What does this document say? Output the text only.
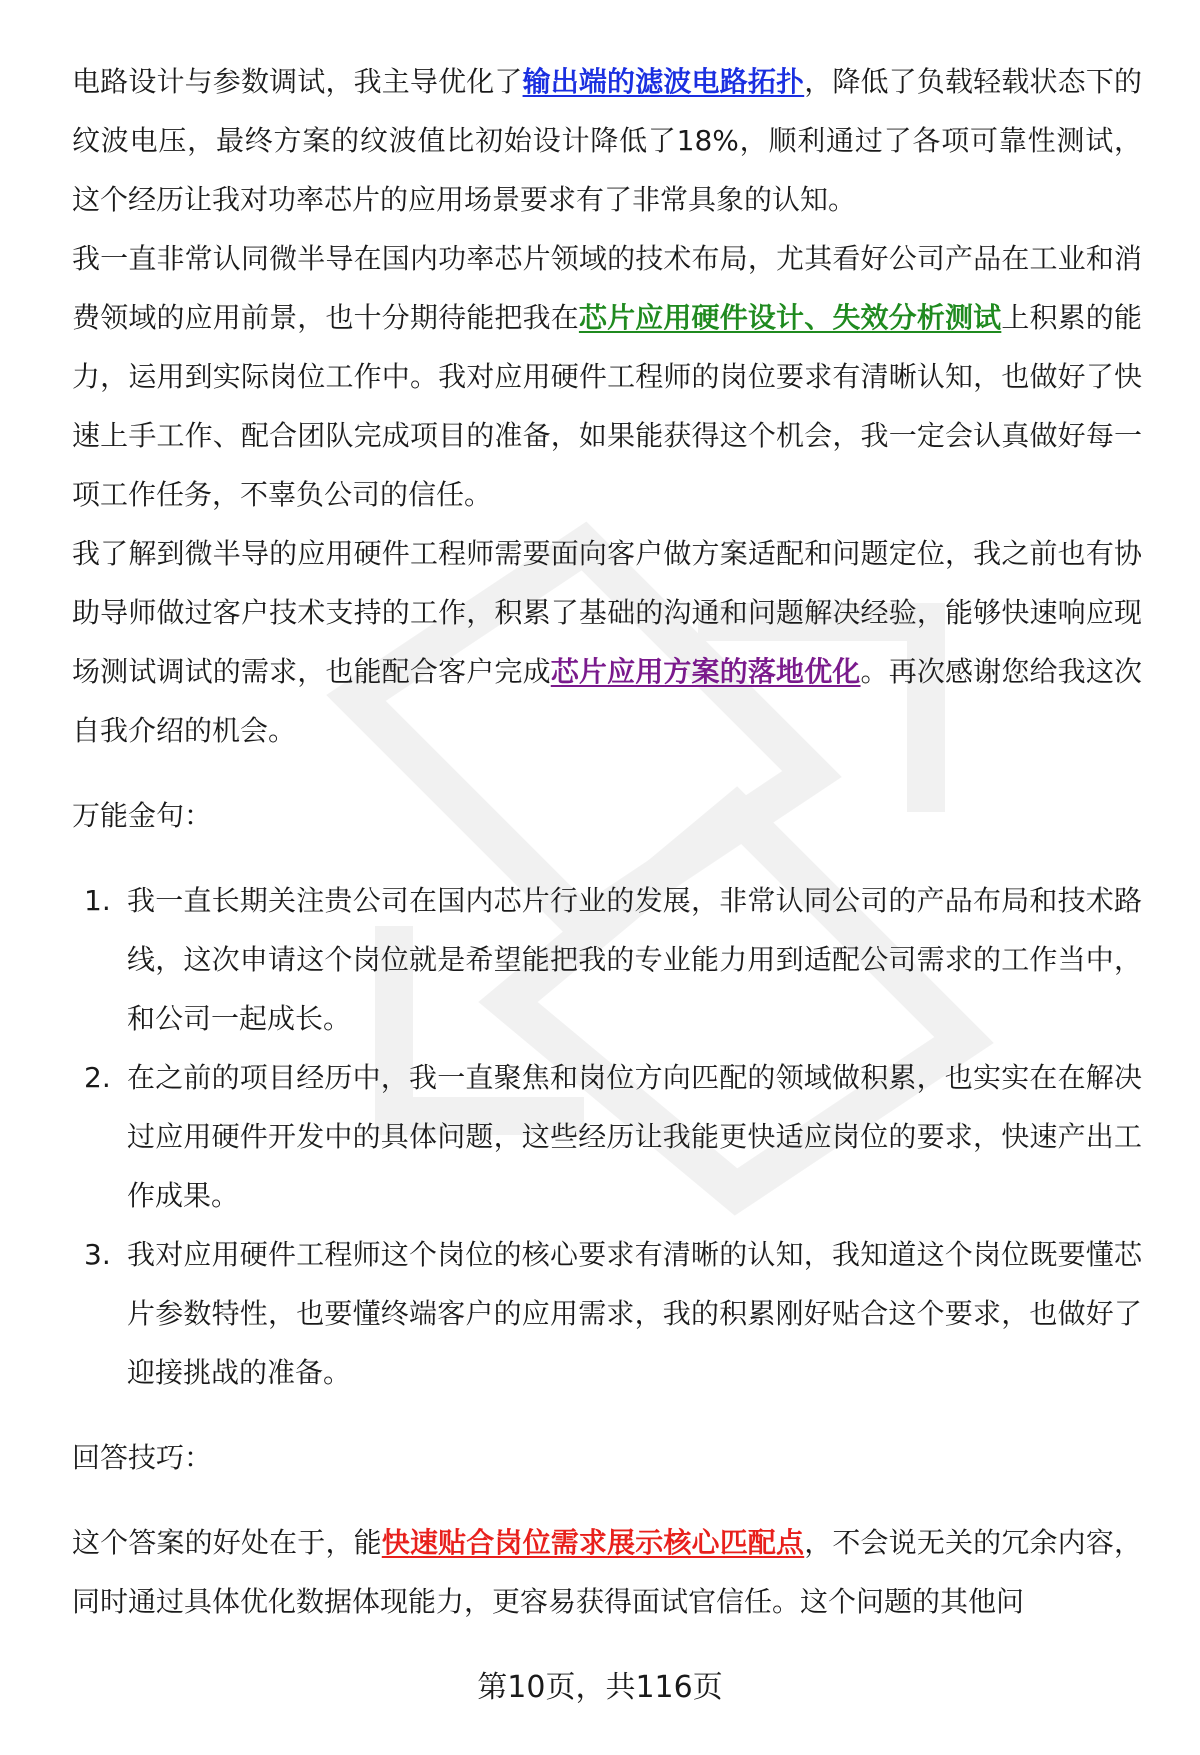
电路设计与参数调试，我主导优化了输出端的滤波电路拓扑，降低了负载轻载状态下的纹波电压，最终方案的纹波值比初始设计降低了18%，顺利通过了各项可靠性测试，这个经历让我对功率芯片的应用场景要求有了非常具象的认知。

我一直非常认同微半导在国内功率芯片领域的技术布局，尤其看好公司产品在工业和消费领域的应用前景，也十分期待能把我在芯片应用硬件设计、失效分析测试上积累的能力，运用到实际岗位工作中。我对应用硬件工程师的岗位要求有清晰认知，也做好了快速上手工作、配合团队完成项目的准备，如果能获得这个机会，我一定会认真做好每一项工作任务，不辜负公司的信任。

我了解到微半导的应用硬件工程师需要面向客户做方案适配和问题定位，我之前也有协助导师做过客户技术支持的工作，积累了基础的沟通和问题解决经验，能够快速响应现场测试调试的需求，也能配合客户完成芯片应用方案的落地优化。再次感谢您给我这次自我介绍的机会。

万能金句：

1. 我一直长期关注贵公司在国内芯片行业的发展，非常认同公司的产品布局和技术路线，这次申请这个岗位就是希望能把我的专业能力用到适配公司需求的工作当中，和公司一起成长。
2. 在之前的项目经历中，我一直聚焦和岗位方向匹配的领域做积累，也实实在在解决过应用硬件开发中的具体问题，这些经历让我能更快适应岗位的要求，快速产出工作成果。
3. 我对应用硬件工程师这个岗位的核心要求有清晰的认知，我知道这个岗位既要懂芯片参数特性，也要懂终端客户的应用需求，我的积累刚好贴合这个要求，也做好了迎接挑战的准备。

回答技巧：

这个答案的好处在于，能快速贴合岗位需求展示核心匹配点，不会说无关的冗余内容，同时通过具体优化数据体现能力，更容易获得面试官信任。这个问题的其他问

第10页，共116页
